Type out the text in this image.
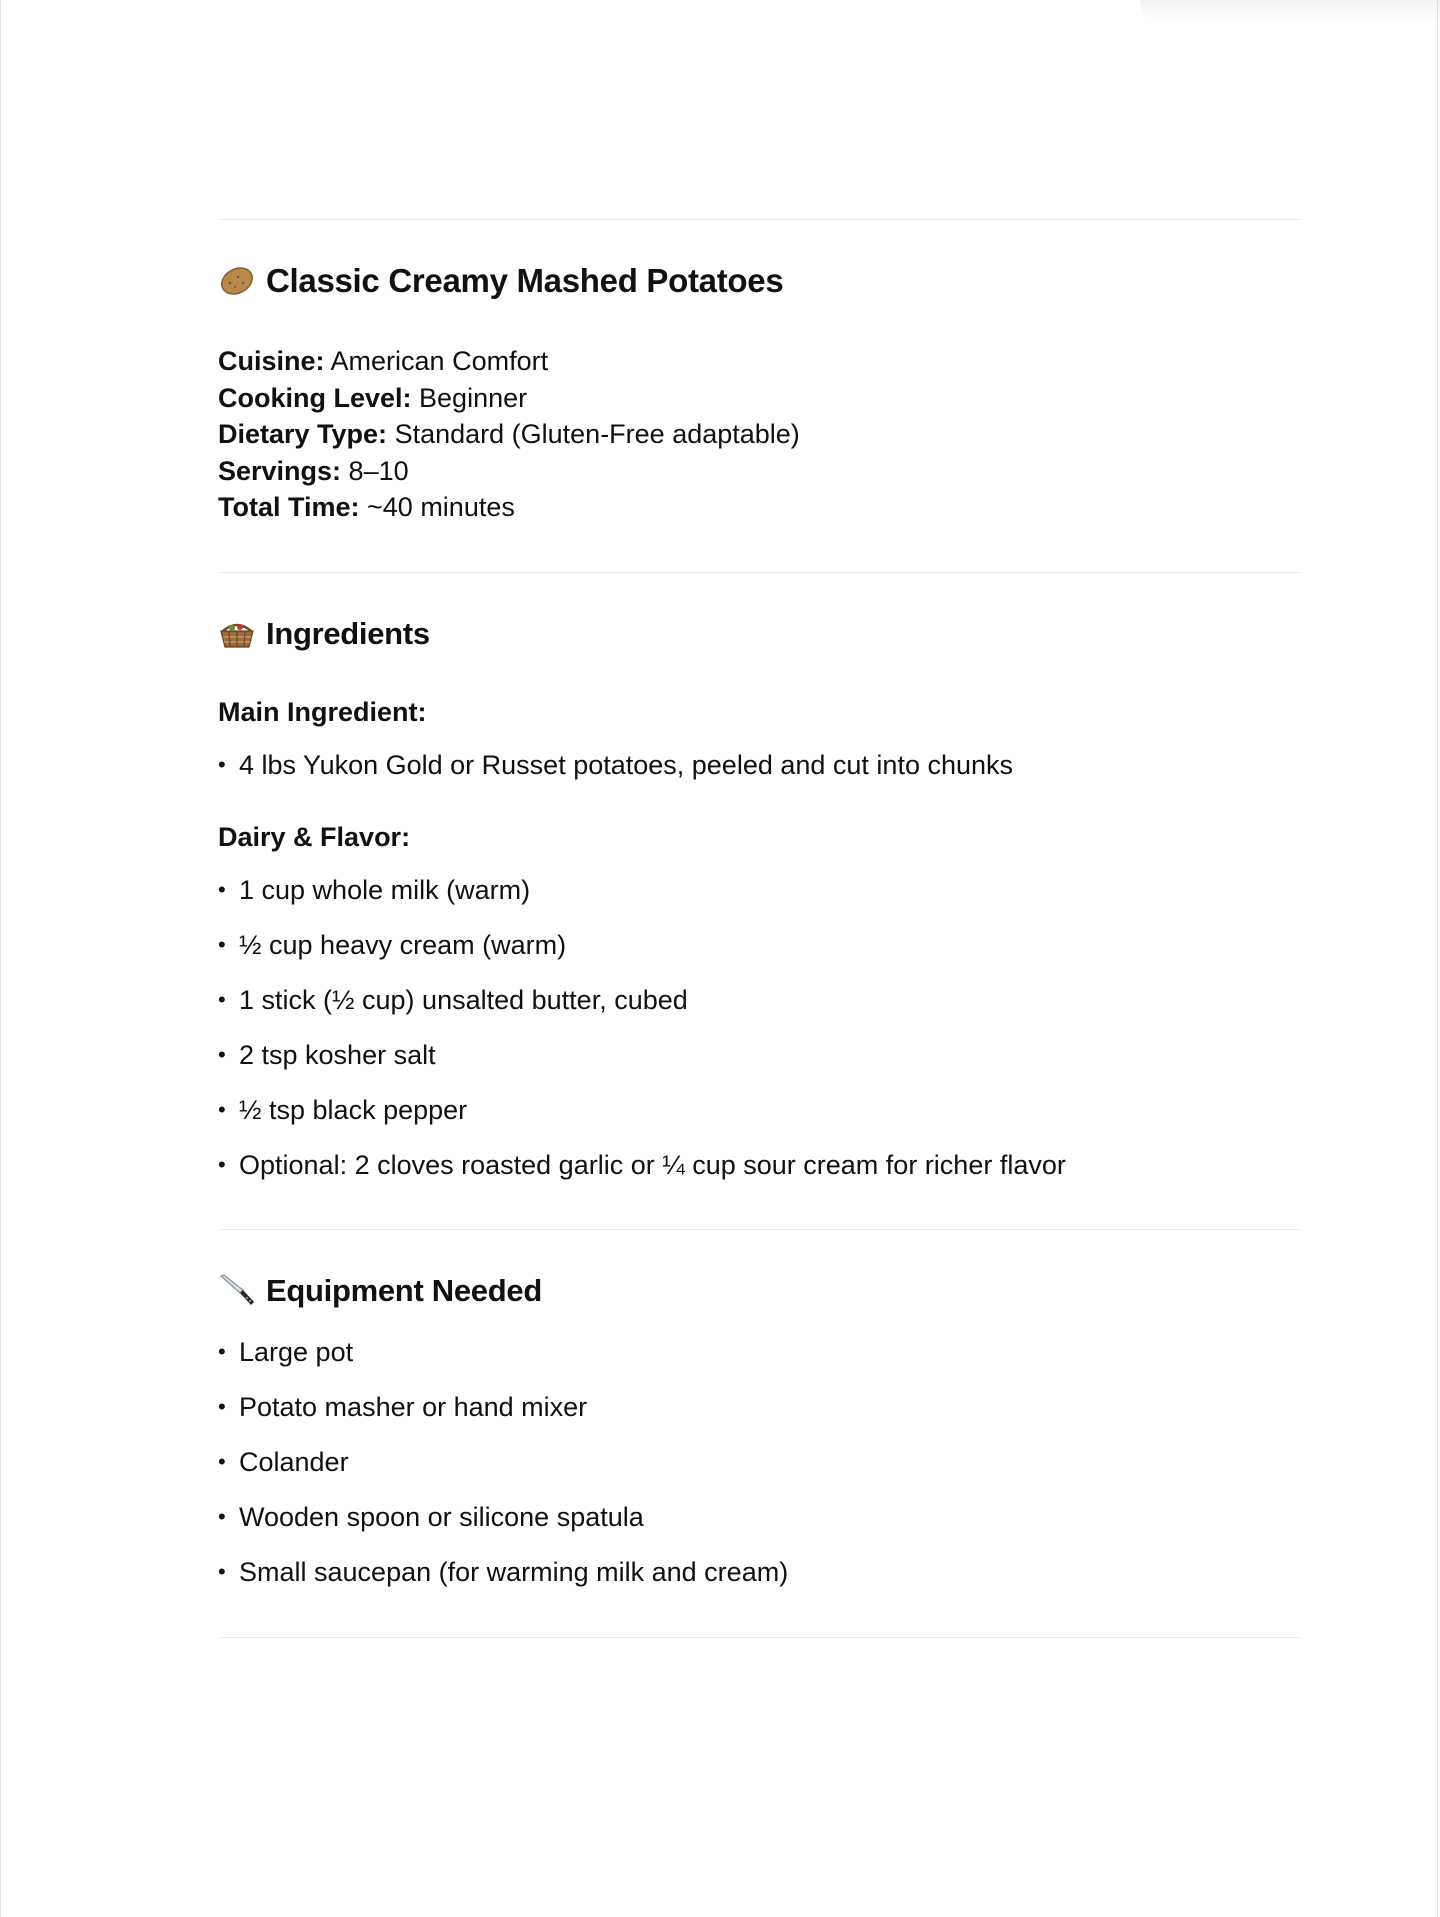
Classic Creamy Mashed Potatoes
Cuisine: American Comfort
Cooking Level: Beginner
Dietary Type: Standard (Gluten-Free adaptable)
Servings: 8–10
Total Time: ~40 minutes
Ingredients
Main Ingredient:
• 4 lbs Yukon Gold or Russet potatoes, peeled and cut into chunks
Dairy & Flavor:
• 1 cup whole milk (warm)
• ½ cup heavy cream (warm)
• 1 stick (½ cup) unsalted butter, cubed
• 2 tsp kosher salt
• ½ tsp black pepper
• Optional: 2 cloves roasted garlic or ¼ cup sour cream for richer flavor
Equipment Needed
• Large pot
• Potato masher or hand mixer
• Colander
• Wooden spoon or silicone spatula
• Small saucepan (for warming milk and cream)
